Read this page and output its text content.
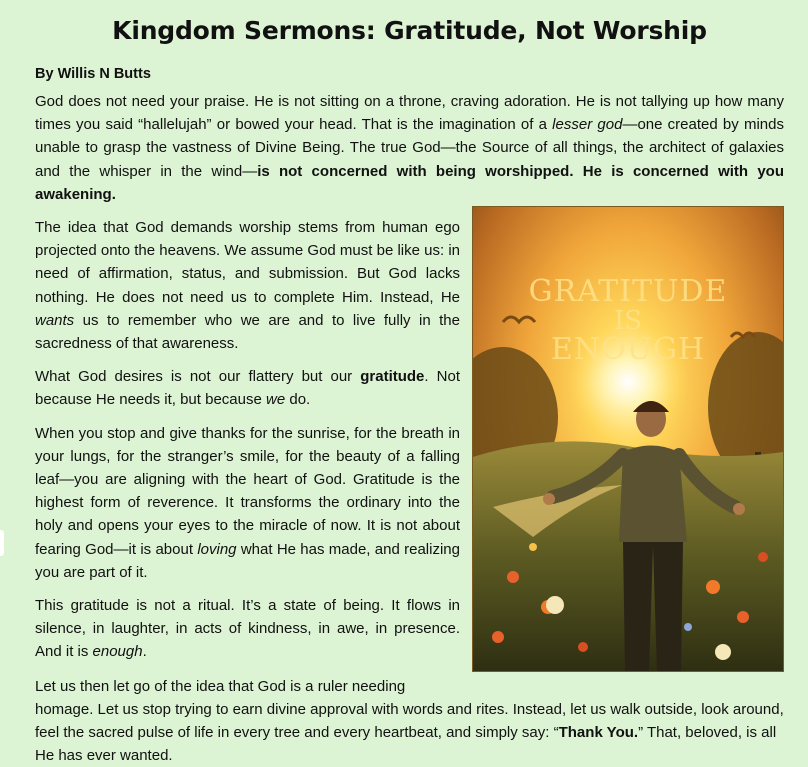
Kingdom Sermons: Gratitude, Not Worship
By Willis N Butts

God does not need your praise. He is not sitting on a throne, craving adoration. He is not tallying up how many times you said “hallelujah” or bowed your head. That is the imagination of a lesser god—one created by minds unable to grasp the vastness of Divine Being. The true God—the Source of all things, the architect of galaxies and the whisper in the wind—is not concerned with being worshipped. He is concerned with you awakening.

GRATITUDE
IS
ENOUGH

The idea that God demands worship stems from human ego projected onto the heavens. We assume God must be like us: in need of affirmation, status, and submission. But God lacks nothing. He does not need us to complete Him. Instead, He wants us to remember who we are and to live fully in the sacredness of that awareness.

What God desires is not our flattery but our gratitude. Not because He needs it, but because we do.

When you stop and give thanks for the sunrise, for the breath in your lungs, for the stranger’s smile, for the beauty of a falling leaf—you are aligning with the heart of God. Gratitude is the highest form of reverence. It transforms the ordinary into the holy and opens your eyes to the miracle of now. It is not about fearing God—it is about loving what He has made, and realizing you are part of it.

This gratitude is not a ritual. It’s a state of being. It flows in silence, in laughter, in acts of kindness, in awe, in presence. And it is enough.

Let us then let go of the idea that God is a ruler needing homage. Let us stop trying to earn divine approval with words and rites. Instead, let us walk outside, look around, feel the sacred pulse of life in every tree and every heartbeat, and simply say: “Thank You.” That, beloved, is all He has ever wanted.
